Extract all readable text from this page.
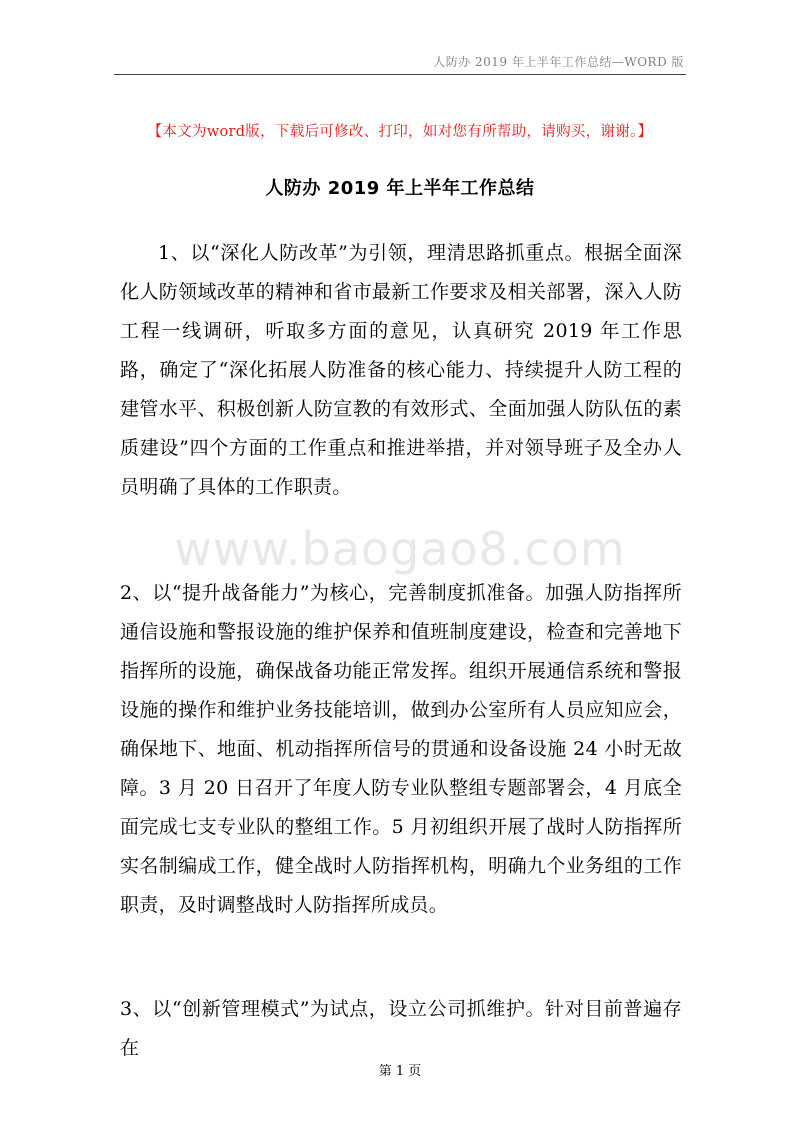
人防办 2019 年上半年工作总结—WORD 版
【本文为word版，下载后可修改、打印，如对您有所帮助，请购买，谢谢。】
人防办 2019 年上半年工作总结

1、以“深化人防改革”为引领，理清思路抓重点。根据全面深化人防领域改革的精神和省市最新工作要求及相关部署，深入人防工程一线调研，听取多方面的意见，认真研究 2019 年工作思路，确定了“深化拓展人防准备的核心能力、持续提升人防工程的建管水平、积极创新人防宣教的有效形式、全面加强人防队伍的素质建设”四个方面的工作重点和推进举措，并对领导班子及全办人员明确了具体的工作职责。

www.baogao8.com

2、以“提升战备能力”为核心，完善制度抓准备。加强人防指挥所通信设施和警报设施的维护保养和值班制度建设，检查和完善地下指挥所的设施，确保战备功能正常发挥。组织开展通信系统和警报设施的操作和维护业务技能培训，做到办公室所有人员应知应会，确保地下、地面、机动指挥所信号的贯通和设备设施 24 小时无故障。3 月 20 日召开了年度人防专业队整组专题部署会，4 月底全面完成七支专业队的整组工作。5 月初组织开展了战时人防指挥所实名制编成工作，健全战时人防指挥机构，明确九个业务组的工作职责，及时调整战时人防指挥所成员。

3、以“创新管理模式”为试点，设立公司抓维护。针对目前普遍存在

第 1 页
